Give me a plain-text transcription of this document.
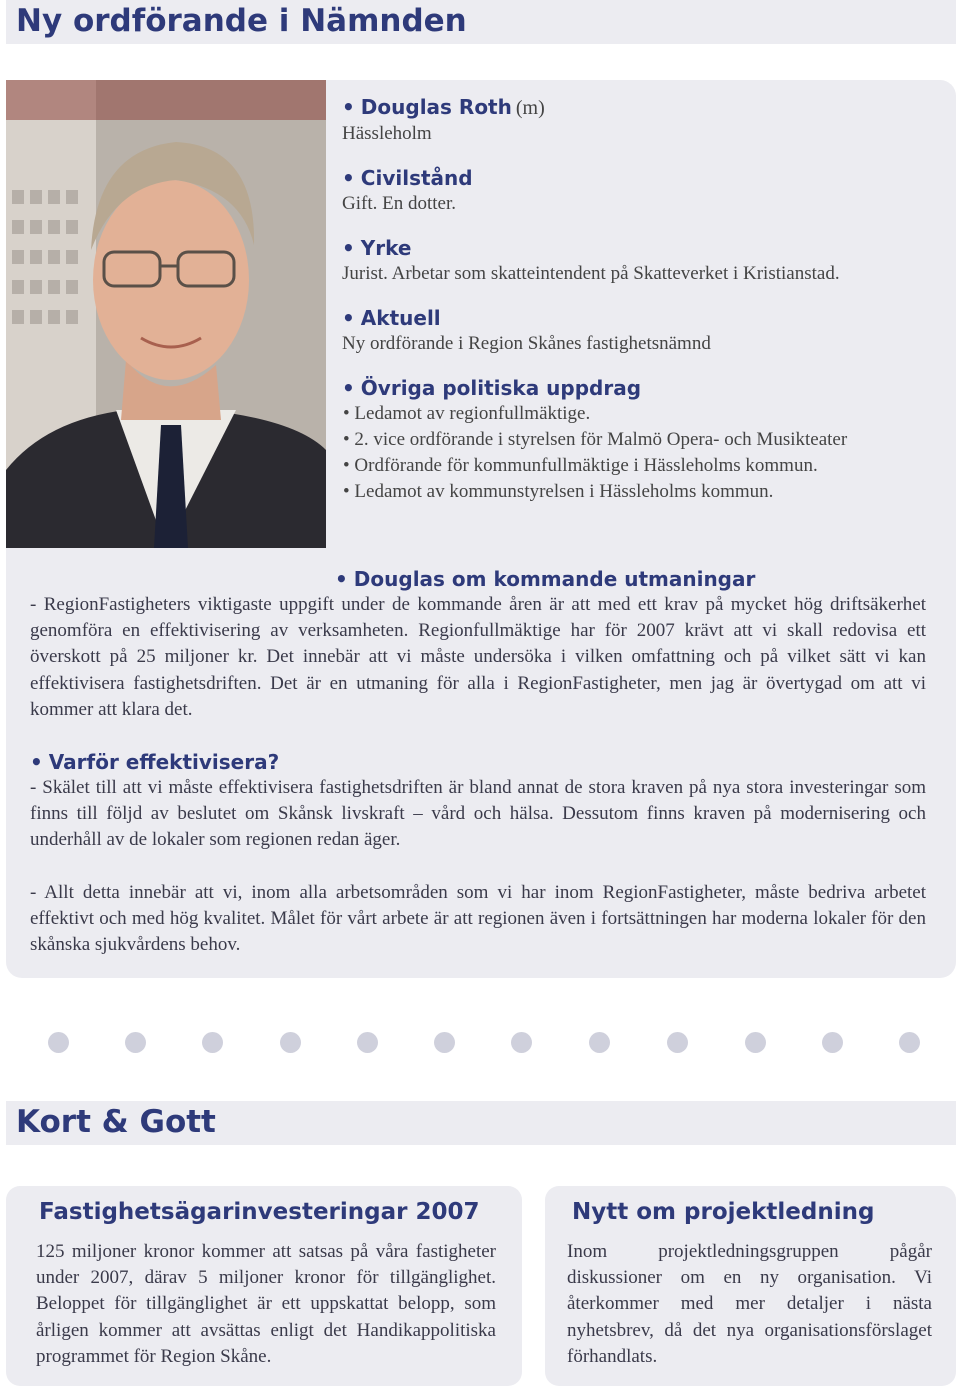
Ny ordförande i Nämnden
• Douglas Roth (m)
Hässleholm
• Civilstånd
Gift. En dotter.
• Yrke
Jurist. Arbetar som skatteintendent på Skatteverket i Kristianstad.
• Aktuell
Ny ordförande i Region Skånes fastighetsnämnd
• Övriga politiska uppdrag
• Ledamot av regionfullmäktige.
• 2. vice ordförande i styrelsen för Malmö Opera- och Musikteater
• Ordförande för kommunfullmäktige i Hässleholms kommun.
• Ledamot av kommunstyrelsen i Hässleholms kommun.
• Douglas om kommande utmaningar

- RegionFastigheters viktigaste uppgift under de kommande åren är att med ett krav på mycket hög driftsäkerhet genomföra en effektivisering av verksamheten. Regionfullmäktige har för 2007 krävt att vi skall redovisa ett överskott på 25 miljoner kr. Det innebär att vi måste undersöka i vilken omfattning och på vilket sätt vi kan effektivisera fastighetsdriften. Det är en utmaning för alla i RegionFastigheter, men jag är övertygad om att vi kommer att klara det.

• Varför effektivisera?

- Skälet till att vi måste effektivisera fastighetsdriften är bland annat de stora kraven på nya stora investeringar som finns till följd av beslutet om Skånsk livskraft – vård och hälsa. Dessutom finns kraven på modernisering och underhåll av de lokaler som regionen redan äger.

- Allt detta innebär att vi, inom alla arbetsområden som vi har inom RegionFastigheter, måste bedriva arbetet effektivt och med hög kvalitet. Målet för vårt arbete är att regionen även i fortsättningen har moderna lokaler för den skånska sjukvårdens behov.

Kort & Gott
Fastighetsägarinvesteringar 2007
125 miljoner kronor kommer att satsas på våra fastigheter under 2007, därav 5 miljoner kronor för tillgänglighet. Beloppet för tillgänglighet är ett uppskattat belopp, som årligen kommer att avsättas enligt det Handikappolitiska programmet för Region Skåne.
Nytt om projektledning
Inom projektledningsgruppen pågår diskussioner om en ny organisation. Vi återkommer med mer detaljer i nästa nyhetsbrev, då det nya organisationsförslaget förhandlats.
